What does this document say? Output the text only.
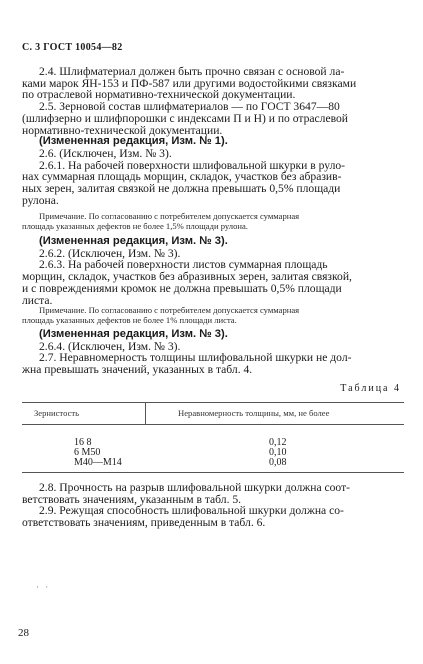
С. 3 ГОСТ 10054—82
2.4. Шлифматериал должен быть прочно связан с основой ла-
ками марок ЯН-153 и ПФ-587 или другими водостойкими связками
по отраслевой нормативно-технической документации.
2.5. Зерновой состав шлифматериалов — по ГОСТ 3647—80
(шлифзерно и шлифпорошки с индексами П и Н) и по отраслевой
нормативно-технической документации.
(Измененная редакция, Изм. № 1).
2.6. (Исключен, Изм. № 3).
2.6.1. На рабочей поверхности шлифовальной шкурки в руло-
нах суммарная площадь морщин, складок, участков без абразив-
ных зерен, залитая связкой не должна превышать 0,5% площади
рулона.
Примечание. По согласованию с потребителем допускается суммарная
площадь указанных дефектов не более 1,5% площади рулона.
(Измененная редакция, Изм. № 3).
2.6.2. (Исключен, Изм. № 3).
2.6.3. На рабочей поверхности листов суммарная площадь
морщин, складок, участков без абразивных зерен, залитая связкой,
и с повреждениями кромок не должна превышать 0,5% площади
листа.
Примечание. По согласованию с потребителем допускается суммарная
площадь указанных дефектов не более 1% площади листа.
(Измененная редакция, Изм. № 3).
2.6.4. (Исключен, Изм. № 3).
2.7. Неравномерность толщины шлифовальной шкурки не дол-
жна превышать значений, указанных в табл. 4.
Таблица 4
Зернистость	Неравномерность толщины, мм, не более
16 8	0,12
6 М50	0,10
М40—М14	0,08
2.8. Прочность на разрыв шлифовальной шкурки должна соот-
ветствовать значениям, указанным в табл. 5.
2.9. Режущая способность шлифовальной шкурки должна со-
ответствовать значениям, приведенным в табл. 6.
· ·
28
